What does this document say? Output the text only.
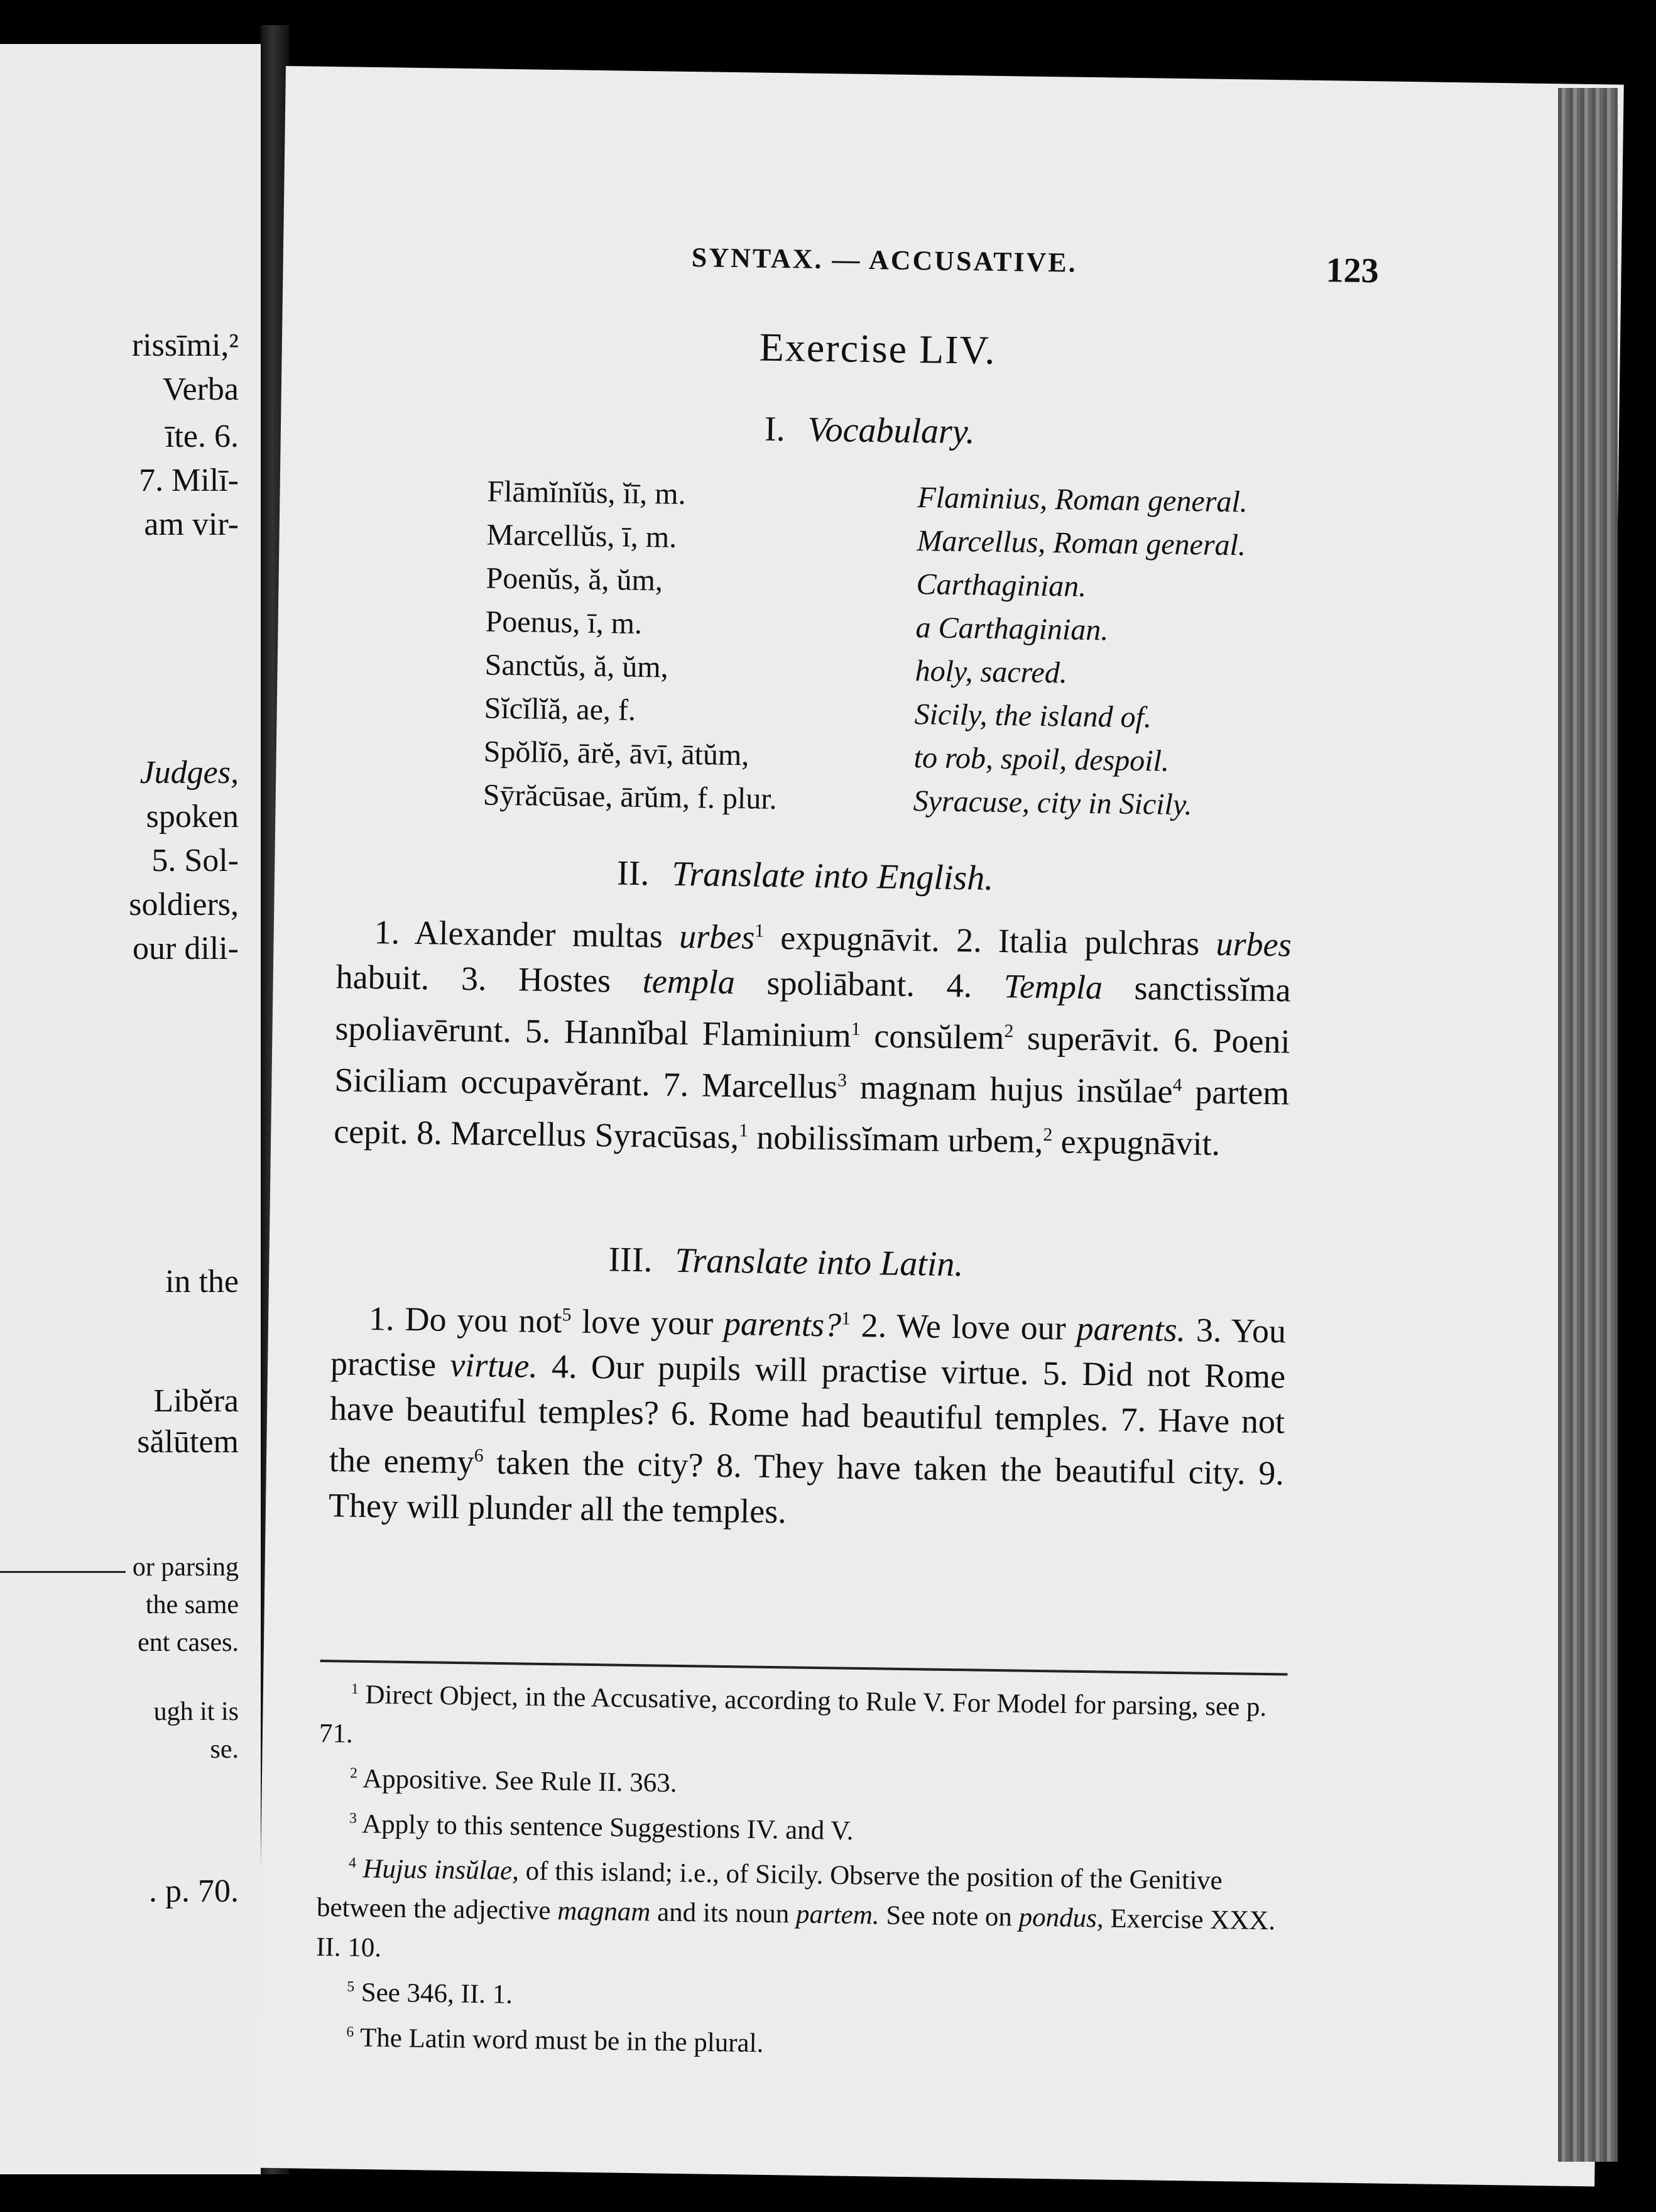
rissīmi,²
Verba
īte. 6.
7. Milī-
am vir-
Judges,
spoken
5. Sol-
soldiers,
our dili-
in the
Libĕra
sălūtem
or parsing
the same
ent cases.
ugh it is
se.
. p. 70.
SYNTAX. — ACCUSATIVE.	123
Exercise LIV.
I. Vocabulary.
Flāmĭnĭŭs, ĭī, m.
Marcellŭs, ī, m.
Poenŭs, ă, ŭm,
Poenus, ī, m.
Sanctŭs, ă, ŭm,
Sĭcĭlĭă, ae, f.
Spŏlĭō, ārĕ, āvī, ātŭm,
Sȳrăcūsae, ārŭm, f. plur.
Flaminius, Roman general.
Marcellus, Roman general.
Carthaginian.
a Carthaginian.
holy, sacred.
Sicily, the island of.
to rob, spoil, despoil.
Syracuse, city in Sicily.
II. Translate into English.
1. Alexander multas urbes$^1$ expugnāvit. 2. Italia pulchras urbes habuit. 3. Hostes templa spoliābant. 4. Templa sanctissĭma spoliavērunt. 5. Hannĭbal Flaminium$^1$ consŭlem$^2$ superāvit. 6. Poeni Siciliam occupavĕrant. 7. Marcellus$^3$ magnam hujus insŭlae$^4$ partem cepit. 8. Marcellus Syracūsas,$^1$ nobilissĭmam urbem,$^2$ expugnāvit.
III. Translate into Latin.
1. Do you not$^5$ love your parents?$^1$ 2. We love our parents. 3. You practise virtue. 4. Our pupils will practise virtue. 5. Did not Rome have beautiful temples? 6. Rome had beautiful temples. 7. Have not the enemy$^6$ taken the city? 8. They have taken the beautiful city. 9. They will plunder all the temples.
$^1$ Direct Object, in the Accusative, according to Rule V. For Model for parsing, see p. 71.
$^2$ Appositive. See Rule II. 363.
$^3$ Apply to this sentence Suggestions IV. and V.
$^4$ Hujus insŭlae, of this island; i.e., of Sicily. Observe the position of the Genitive between the adjective magnam and its noun partem. See note on pondus, Exercise XXX. II. 10.
$^5$ See 346, II. 1.
$^6$ The Latin word must be in the plural.
